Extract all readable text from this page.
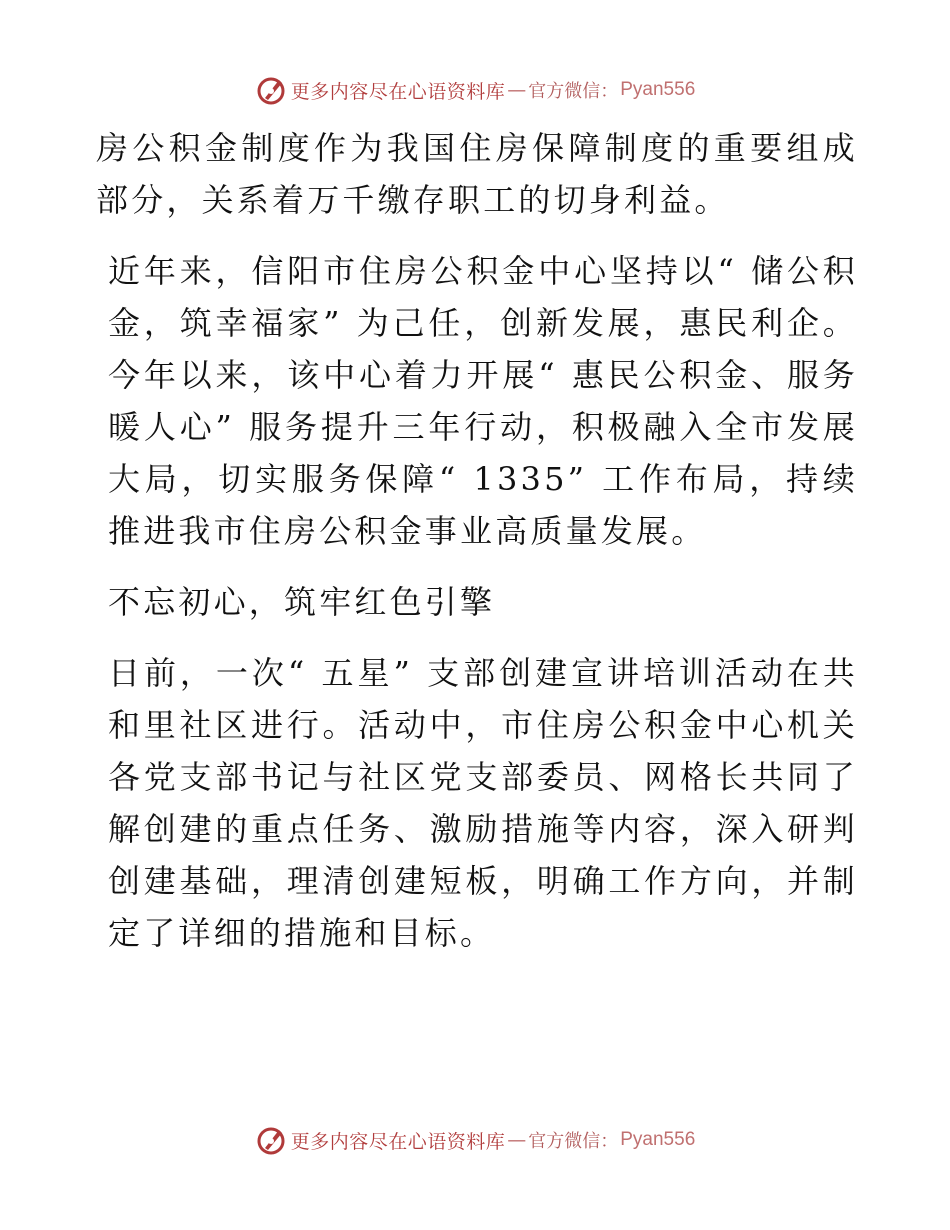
更多内容尽在心语资料库 — 官方微信： Pyan556

房公积金制度作为我国住房保障制度的重要组成部分，关系着万千缴存职工的切身利益。

近年来，信阳市住房公积金中心坚持以“ 储公积金，筑幸福家” 为己任，创新发展，惠民利企。今年以来，该中心着力开展“ 惠民公积金、服务暖人心” 服务提升三年行动，积极融入全市发展大局，切实服务保障“ 1335” 工作布局，持续推进我市住房公积金事业高质量发展。

不忘初心，筑牢红色引擎

日前，一次“ 五星” 支部创建宣讲培训活动在共和里社区进行。活动中，市住房公积金中心机关各党支部书记与社区党支部委员、网格长共同了解创建的重点任务、激励措施等内容，深入研判创建基础，理清创建短板，明确工作方向，并制定了详细的措施和目标。

更多内容尽在心语资料库 — 官方微信： Pyan556
